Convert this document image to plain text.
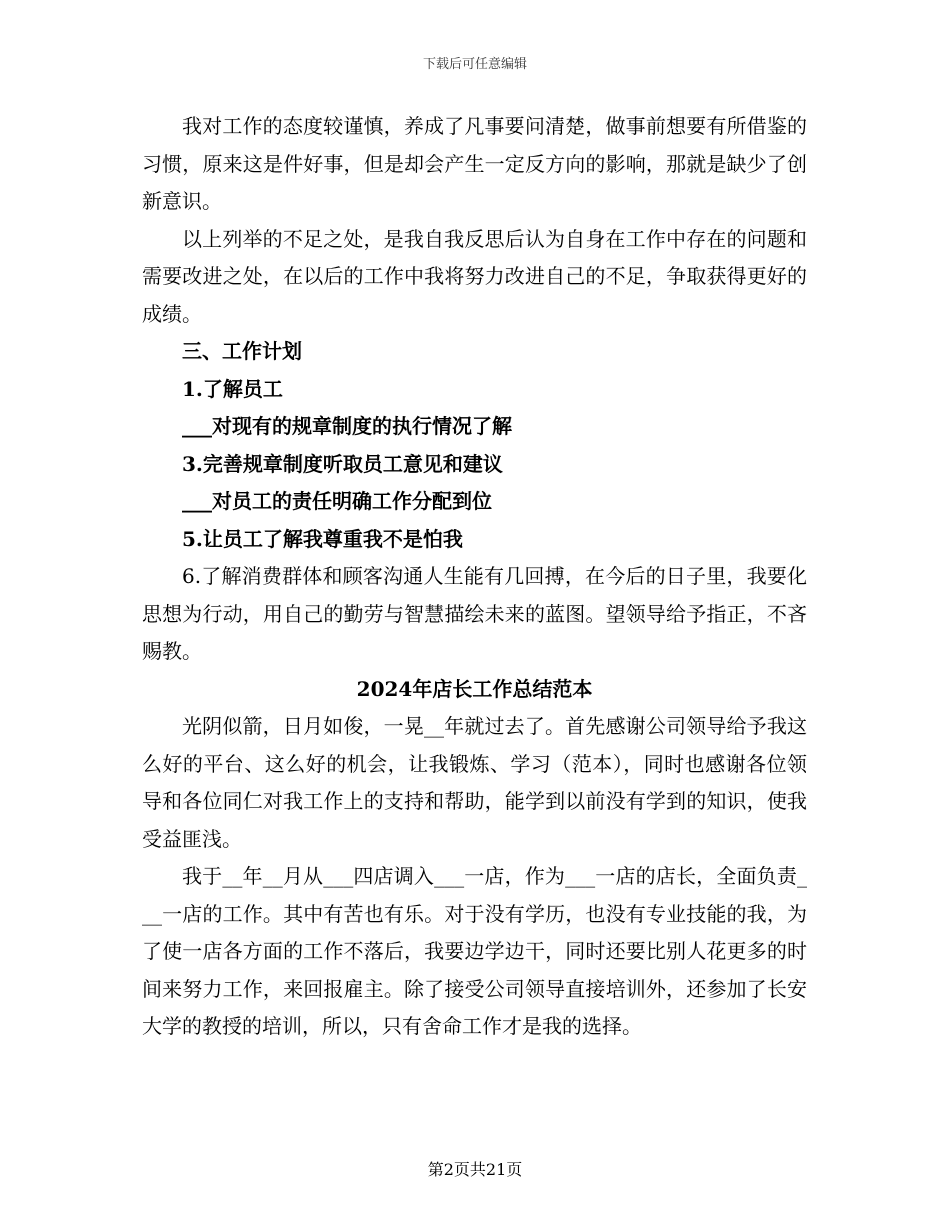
下载后可任意编辑

我对工作的态度较谨慎，养成了凡事要问清楚，做事前想要有所借鉴的习惯，原来这是件好事，但是却会产生一定反方向的影响，那就是缺少了创新意识。

以上列举的不足之处，是我自我反思后认为自身在工作中存在的问题和需要改进之处，在以后的工作中我将努力改进自己的不足，争取获得更好的成绩。

三、工作计划

1.了解员工

___对现有的规章制度的执行情况了解

3.完善规章制度听取员工意见和建议

___对员工的责任明确工作分配到位

5.让员工了解我尊重我不是怕我

6.了解消费群体和顾客沟通人生能有几回搏，在今后的日子里，我要化思想为行动，用自己的勤劳与智慧描绘未来的蓝图。望领导给予指正，不吝赐教。

2024年店长工作总结范本

光阴似箭，日月如俊，一晃__年就过去了。首先感谢公司领导给予我这么好的平台、这么好的机会，让我锻炼、学习（范本），同时也感谢各位领导和各位同仁对我工作上的支持和帮助，能学到以前没有学到的知识，使我受益匪浅。

我于__年__月从___四店调入___一店，作为___一店的店长，全面负责___一店的工作。其中有苦也有乐。对于没有学历，也没有专业技能的我，为了使一店各方面的工作不落后，我要边学边干，同时还要比别人花更多的时间来努力工作，来回报雇主。除了接受公司领导直接培训外，还参加了长安大学的教授的培训，所以，只有舍命工作才是我的选择。

第2页共21页
